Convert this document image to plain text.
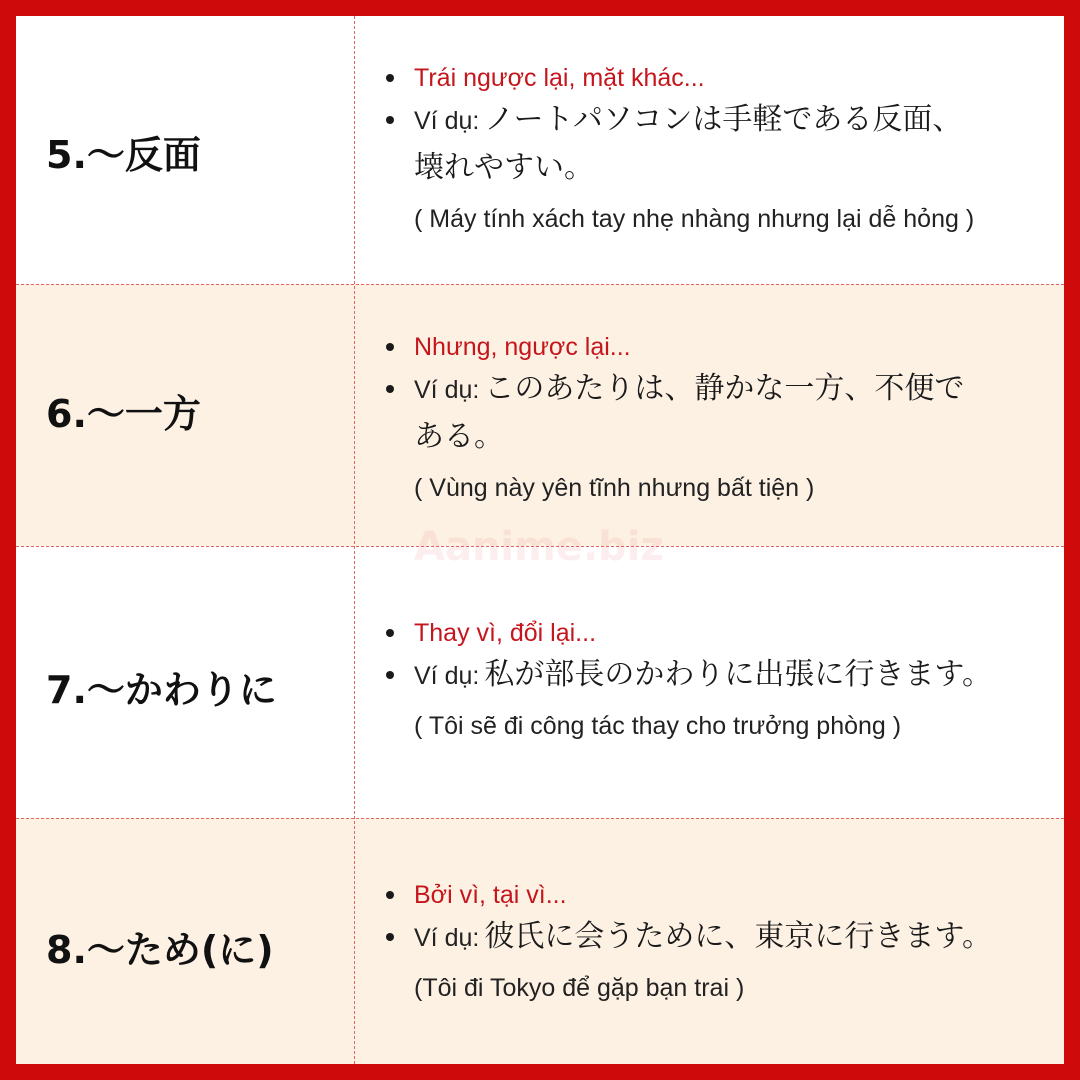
5.～反面
Trái ngược lại, mặt khác...
Ví dụ: ノートパソコンは手軽である反面、
壊れやすい。
( Máy tính xách tay nhẹ nhàng nhưng lại dễ hỏng )
6.～一方
Nhưng, ngược lại...
Ví dụ: このあたりは、静かな一方、不便で
ある。
( Vùng này yên tĩnh nhưng bất tiện )
7.～かわりに
Thay vì, đổi lại...
Ví dụ: 私が部長のかわりに出張に行きます。
( Tôi sẽ đi công tác thay cho trưởng phòng )
8.～ため(に)
Bởi vì, tại vì...
Ví dụ: 彼氏に会うために、東京に行きます。
(Tôi đi Tokyo để gặp bạn trai )
Aanime.biz
